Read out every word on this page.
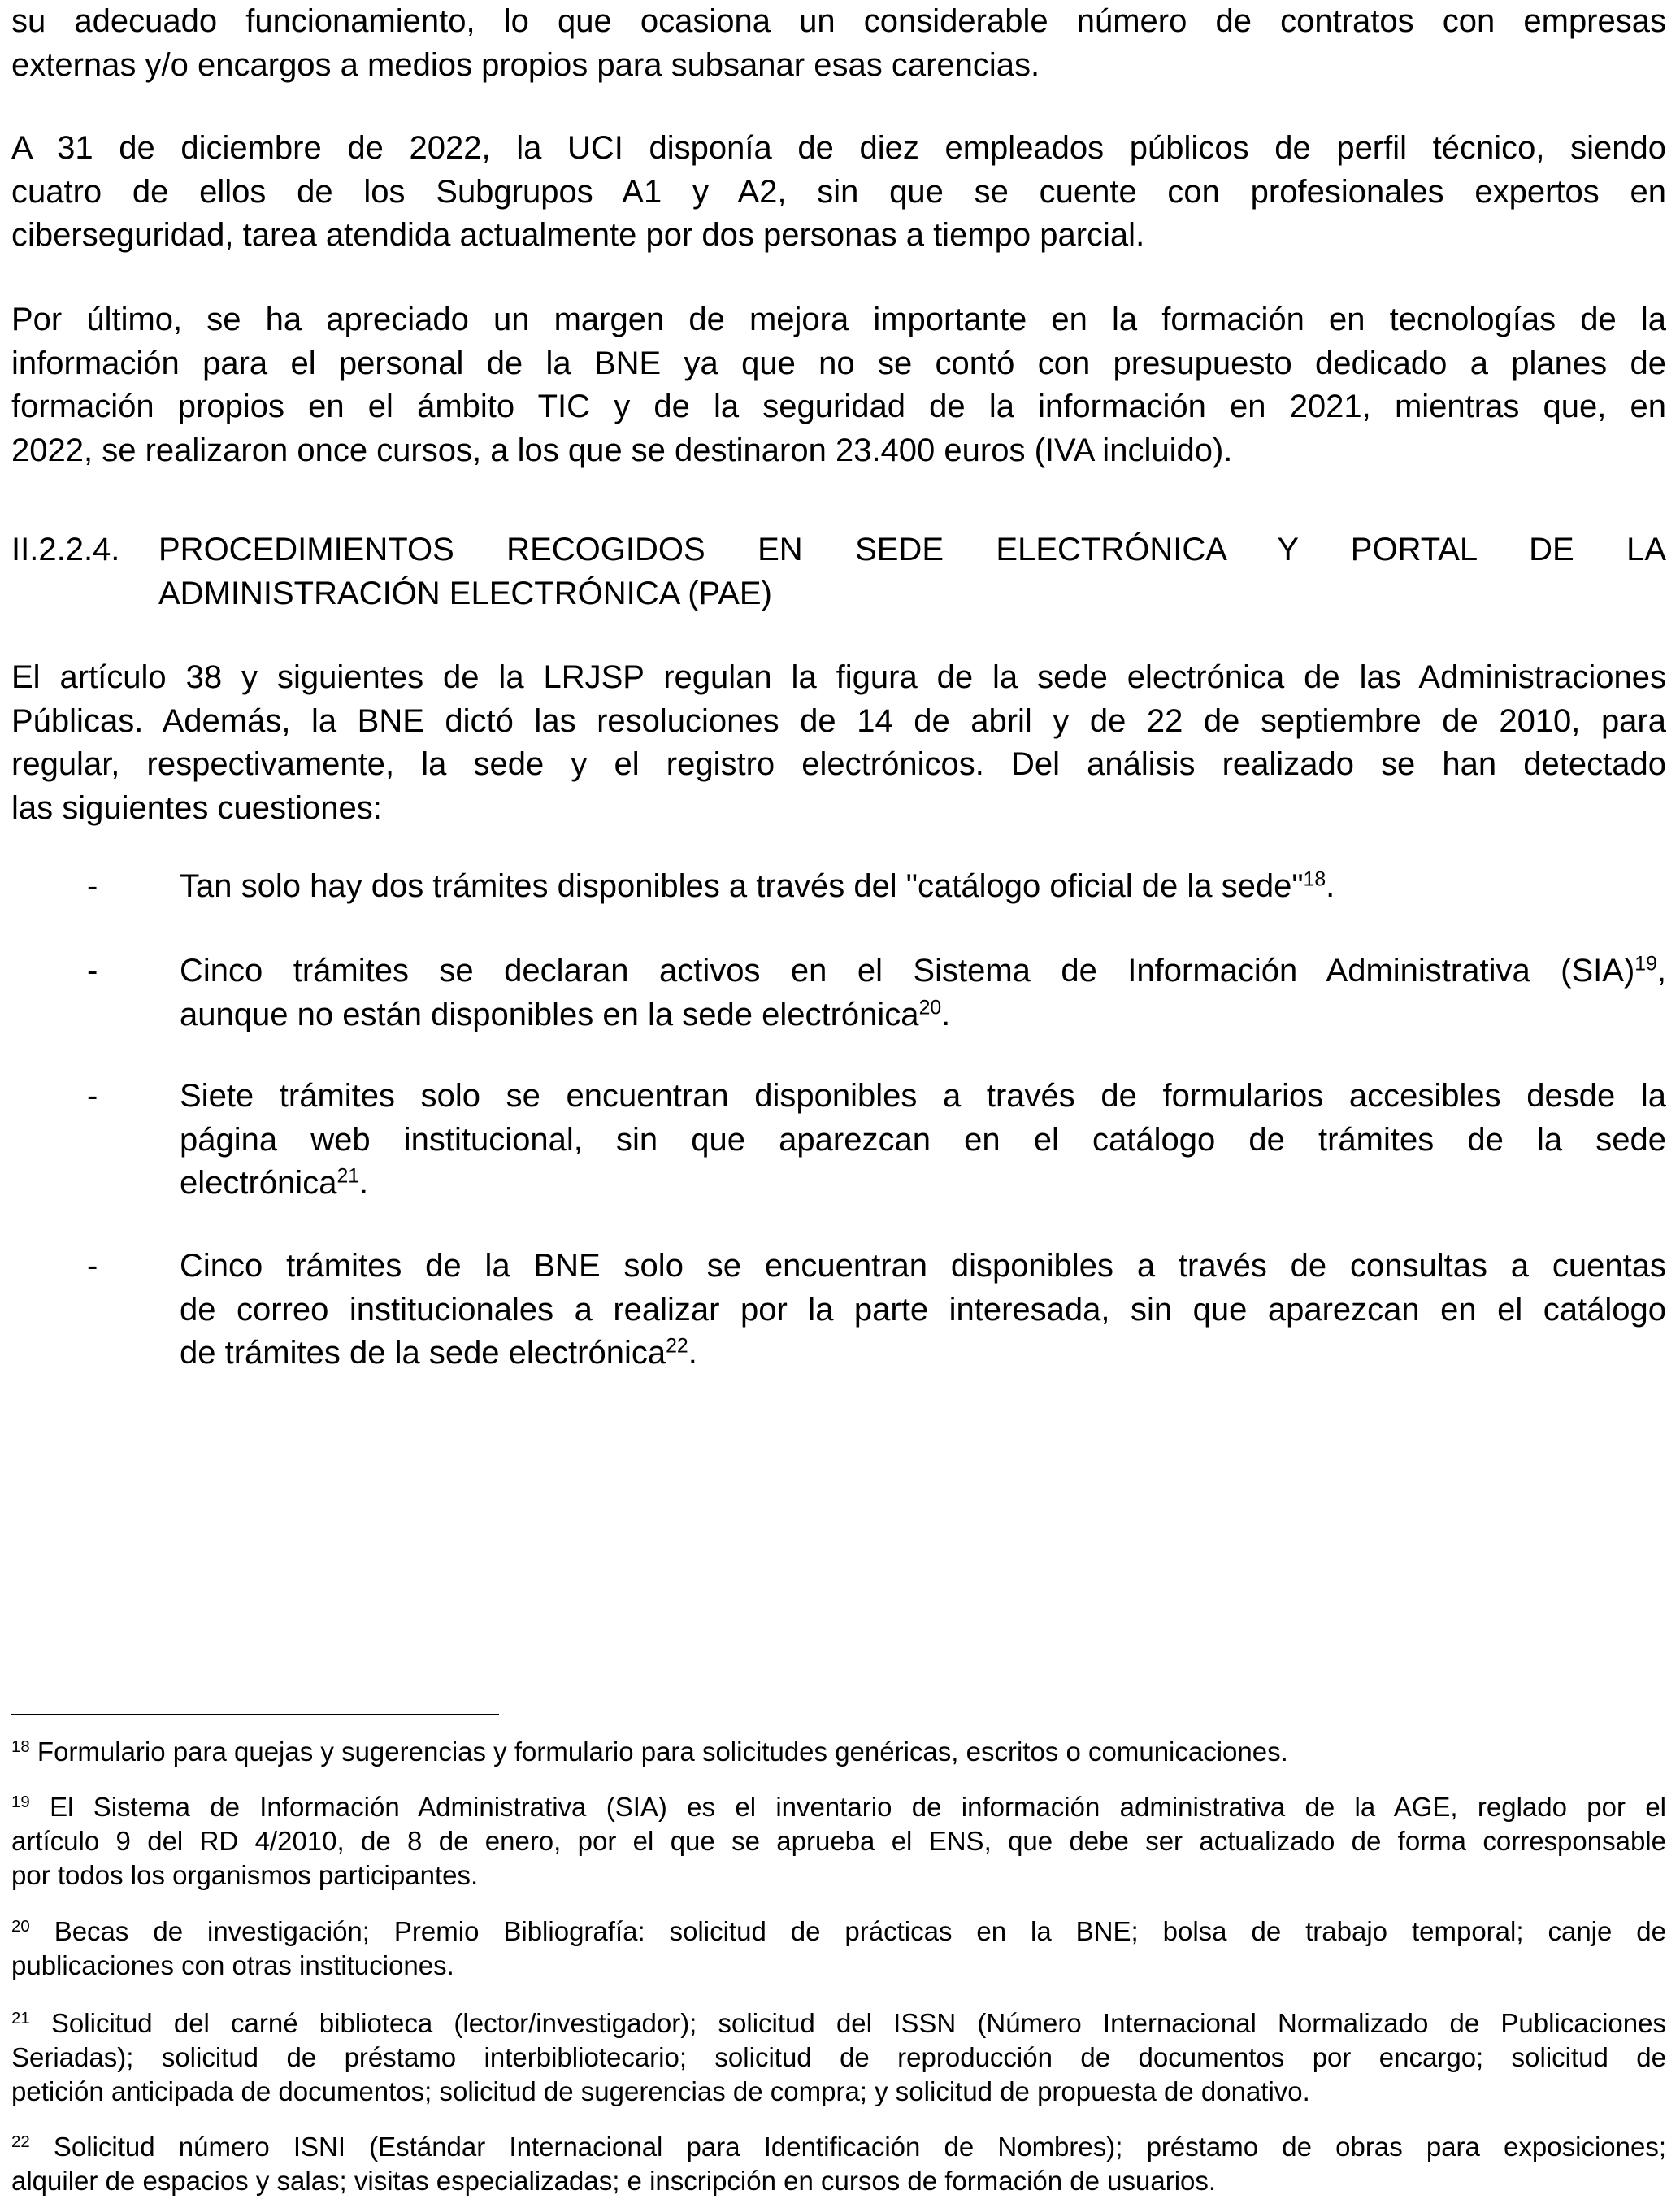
su adecuado funcionamiento, lo que ocasiona un considerable número de contratos con empresas
externas y/o encargos a medios propios para subsanar esas carencias.
A 31 de diciembre de 2022, la UCI disponía de diez empleados públicos de perfil técnico, siendo
cuatro de ellos de los Subgrupos A1 y A2, sin que se cuente con profesionales expertos en
ciberseguridad, tarea atendida actualmente por dos personas a tiempo parcial.
Por último, se ha apreciado un margen de mejora importante en la formación en tecnologías de la
información para el personal de la BNE ya que no se contó con presupuesto dedicado a planes de
formación propios en el ámbito TIC y de la seguridad de la información en 2021, mientras que, en
2022, se realizaron once cursos, a los que se destinaron 23.400 euros (IVA incluido).
II.2.2.4.	PROCEDIMIENTOS RECOGIDOS EN SEDE ELECTRÓNICA Y PORTAL DE LA
ADMINISTRACIÓN ELECTRÓNICA (PAE)
El artículo 38 y siguientes de la LRJSP regulan la figura de la sede electrónica de las Administraciones
Públicas. Además, la BNE dictó las resoluciones de 14 de abril y de 22 de septiembre de 2010, para
regular, respectivamente, la sede y el registro electrónicos. Del análisis realizado se han detectado
las siguientes cuestiones:
-	Tan solo hay dos trámites disponibles a través del "catálogo oficial de la sede"$^{18}$.
-	Cinco trámites se declaran activos en el Sistema de Información Administrativa (SIA)$^{19}$,
aunque no están disponibles en la sede electrónica$^{20}$.
-	Siete trámites solo se encuentran disponibles a través de formularios accesibles desde la
página web institucional, sin que aparezcan en el catálogo de trámites de la sede
electrónica$^{21}$.
-	Cinco trámites de la BNE solo se encuentran disponibles a través de consultas a cuentas
de correo institucionales a realizar por la parte interesada, sin que aparezcan en el catálogo
de trámites de la sede electrónica$^{22}$.
$^{18}$ Formulario para quejas y sugerencias y formulario para solicitudes genéricas, escritos o comunicaciones.
$^{19}$ El Sistema de Información Administrativa (SIA) es el inventario de información administrativa de la AGE, reglado por el
artículo 9 del RD 4/2010, de 8 de enero, por el que se aprueba el ENS, que debe ser actualizado de forma corresponsable
por todos los organismos participantes.
$^{20}$ Becas de investigación; Premio Bibliografía: solicitud de prácticas en la BNE; bolsa de trabajo temporal; canje de
publicaciones con otras instituciones.
$^{21}$ Solicitud del carné biblioteca (lector/investigador); solicitud del ISSN (Número Internacional Normalizado de Publicaciones
Seriadas); solicitud de préstamo interbibliotecario; solicitud de reproducción de documentos por encargo; solicitud de
petición anticipada de documentos; solicitud de sugerencias de compra; y solicitud de propuesta de donativo.
$^{22}$ Solicitud número ISNI (Estándar Internacional para Identificación de Nombres); préstamo de obras para exposiciones;
alquiler de espacios y salas; visitas especializadas; e inscripción en cursos de formación de usuarios.
